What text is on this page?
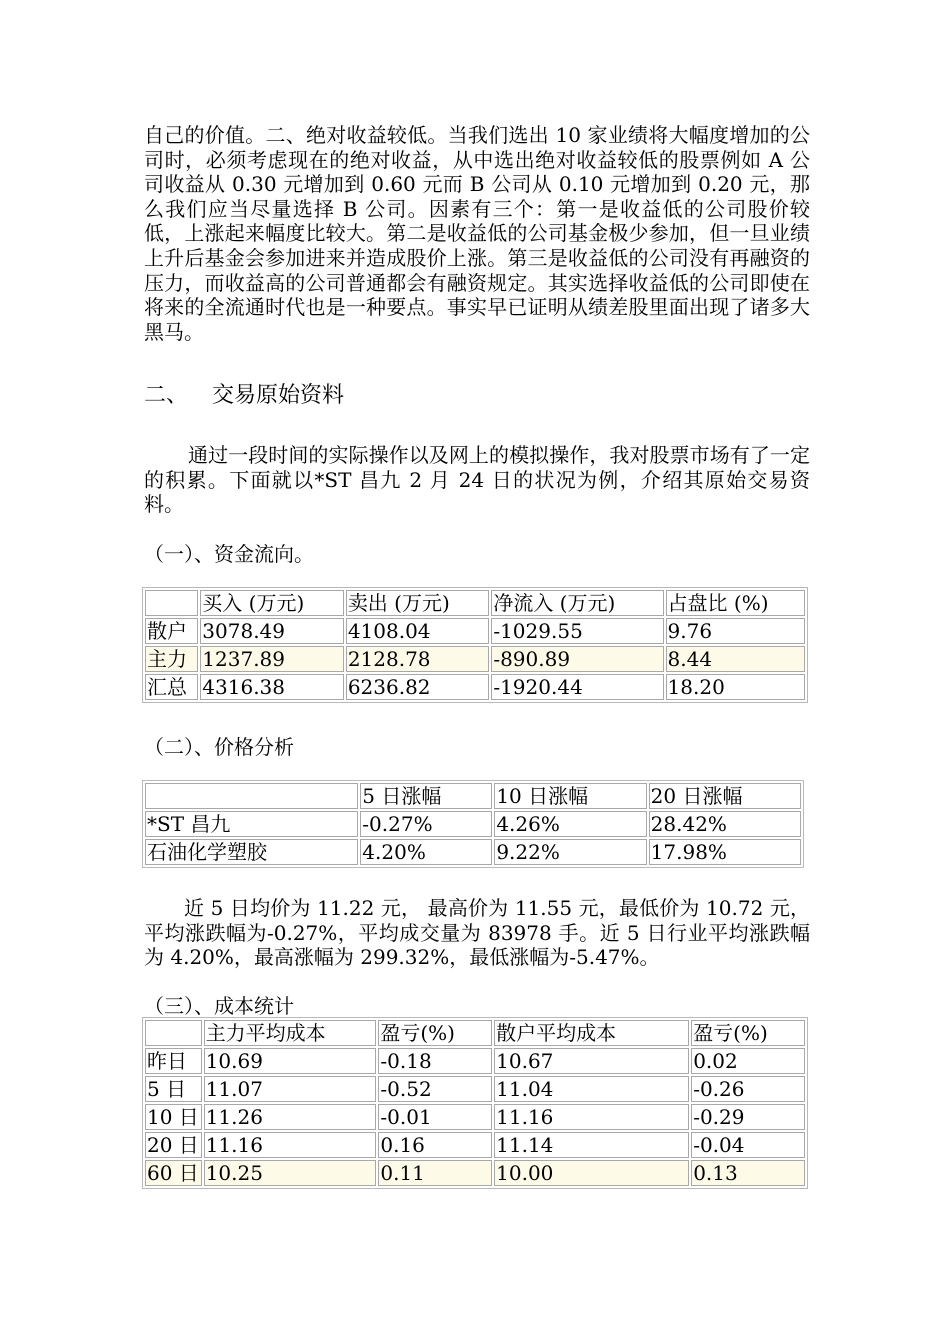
自己的价值。二、绝对收益较低。当我们选出 10 家业绩将大幅度增加的公司时，必须考虑现在的绝对收益，从中选出绝对收益较低的股票例如 A 公司收益从 0.30 元增加到 0.60 元而 B 公司从 0.10 元增加到 0.20 元，那么我们应当尽量选择 B 公司。因素有三个：第一是收益低的公司股价较低，上涨起来幅度比较大。第二是收益低的公司基金极少参加，但一旦业绩上升后基金会参加进来并造成股价上涨。第三是收益低的公司没有再融资的压力，而收益高的公司普通都会有融资规定。其实选择收益低的公司即使在将来的全流通时代也是一种要点。事实早已证明从绩差股里面出现了诸多大黑马。

二、 交易原始资料

通过一段时间的实际操作以及网上的模拟操作，我对股票市场有了一定的积累。下面就以*ST 昌九 2 月 24 日的状况为例，介绍其原始交易资料。

（一）、资金流向。

	买入 (万元)	卖出 (万元)	净流入 (万元)	占盘比 (%)
散户	3078.49	4108.04	-1029.55	9.76
主力	1237.89	2128.78	-890.89	8.44
汇总	4316.38	6236.82	-1920.44	18.20

（二）、价格分析

	5 日涨幅	10 日涨幅	20 日涨幅
*ST 昌九	-0.27%	4.26%	28.42%
石油化学塑胶	4.20%	9.22%	17.98%

近 5 日均价为 11.22 元， 最高价为 11.55 元，最低价为 10.72 元，平均涨跌幅为-0.27%，平均成交量为 83978 手。近 5 日行业平均涨跌幅为 4.20%，最高涨幅为 299.32%，最低涨幅为-5.47%。

（三）、成本统计

	主力平均成本	盈亏(%)	散户平均成本	盈亏(%)
昨日	10.69	-0.18	10.67	0.02
5 日	11.07	-0.52	11.04	-0.26
10 日	11.26	-0.01	11.16	-0.29
20 日	11.16	0.16	11.14	-0.04
60 日	10.25	0.11	10.00	0.13
